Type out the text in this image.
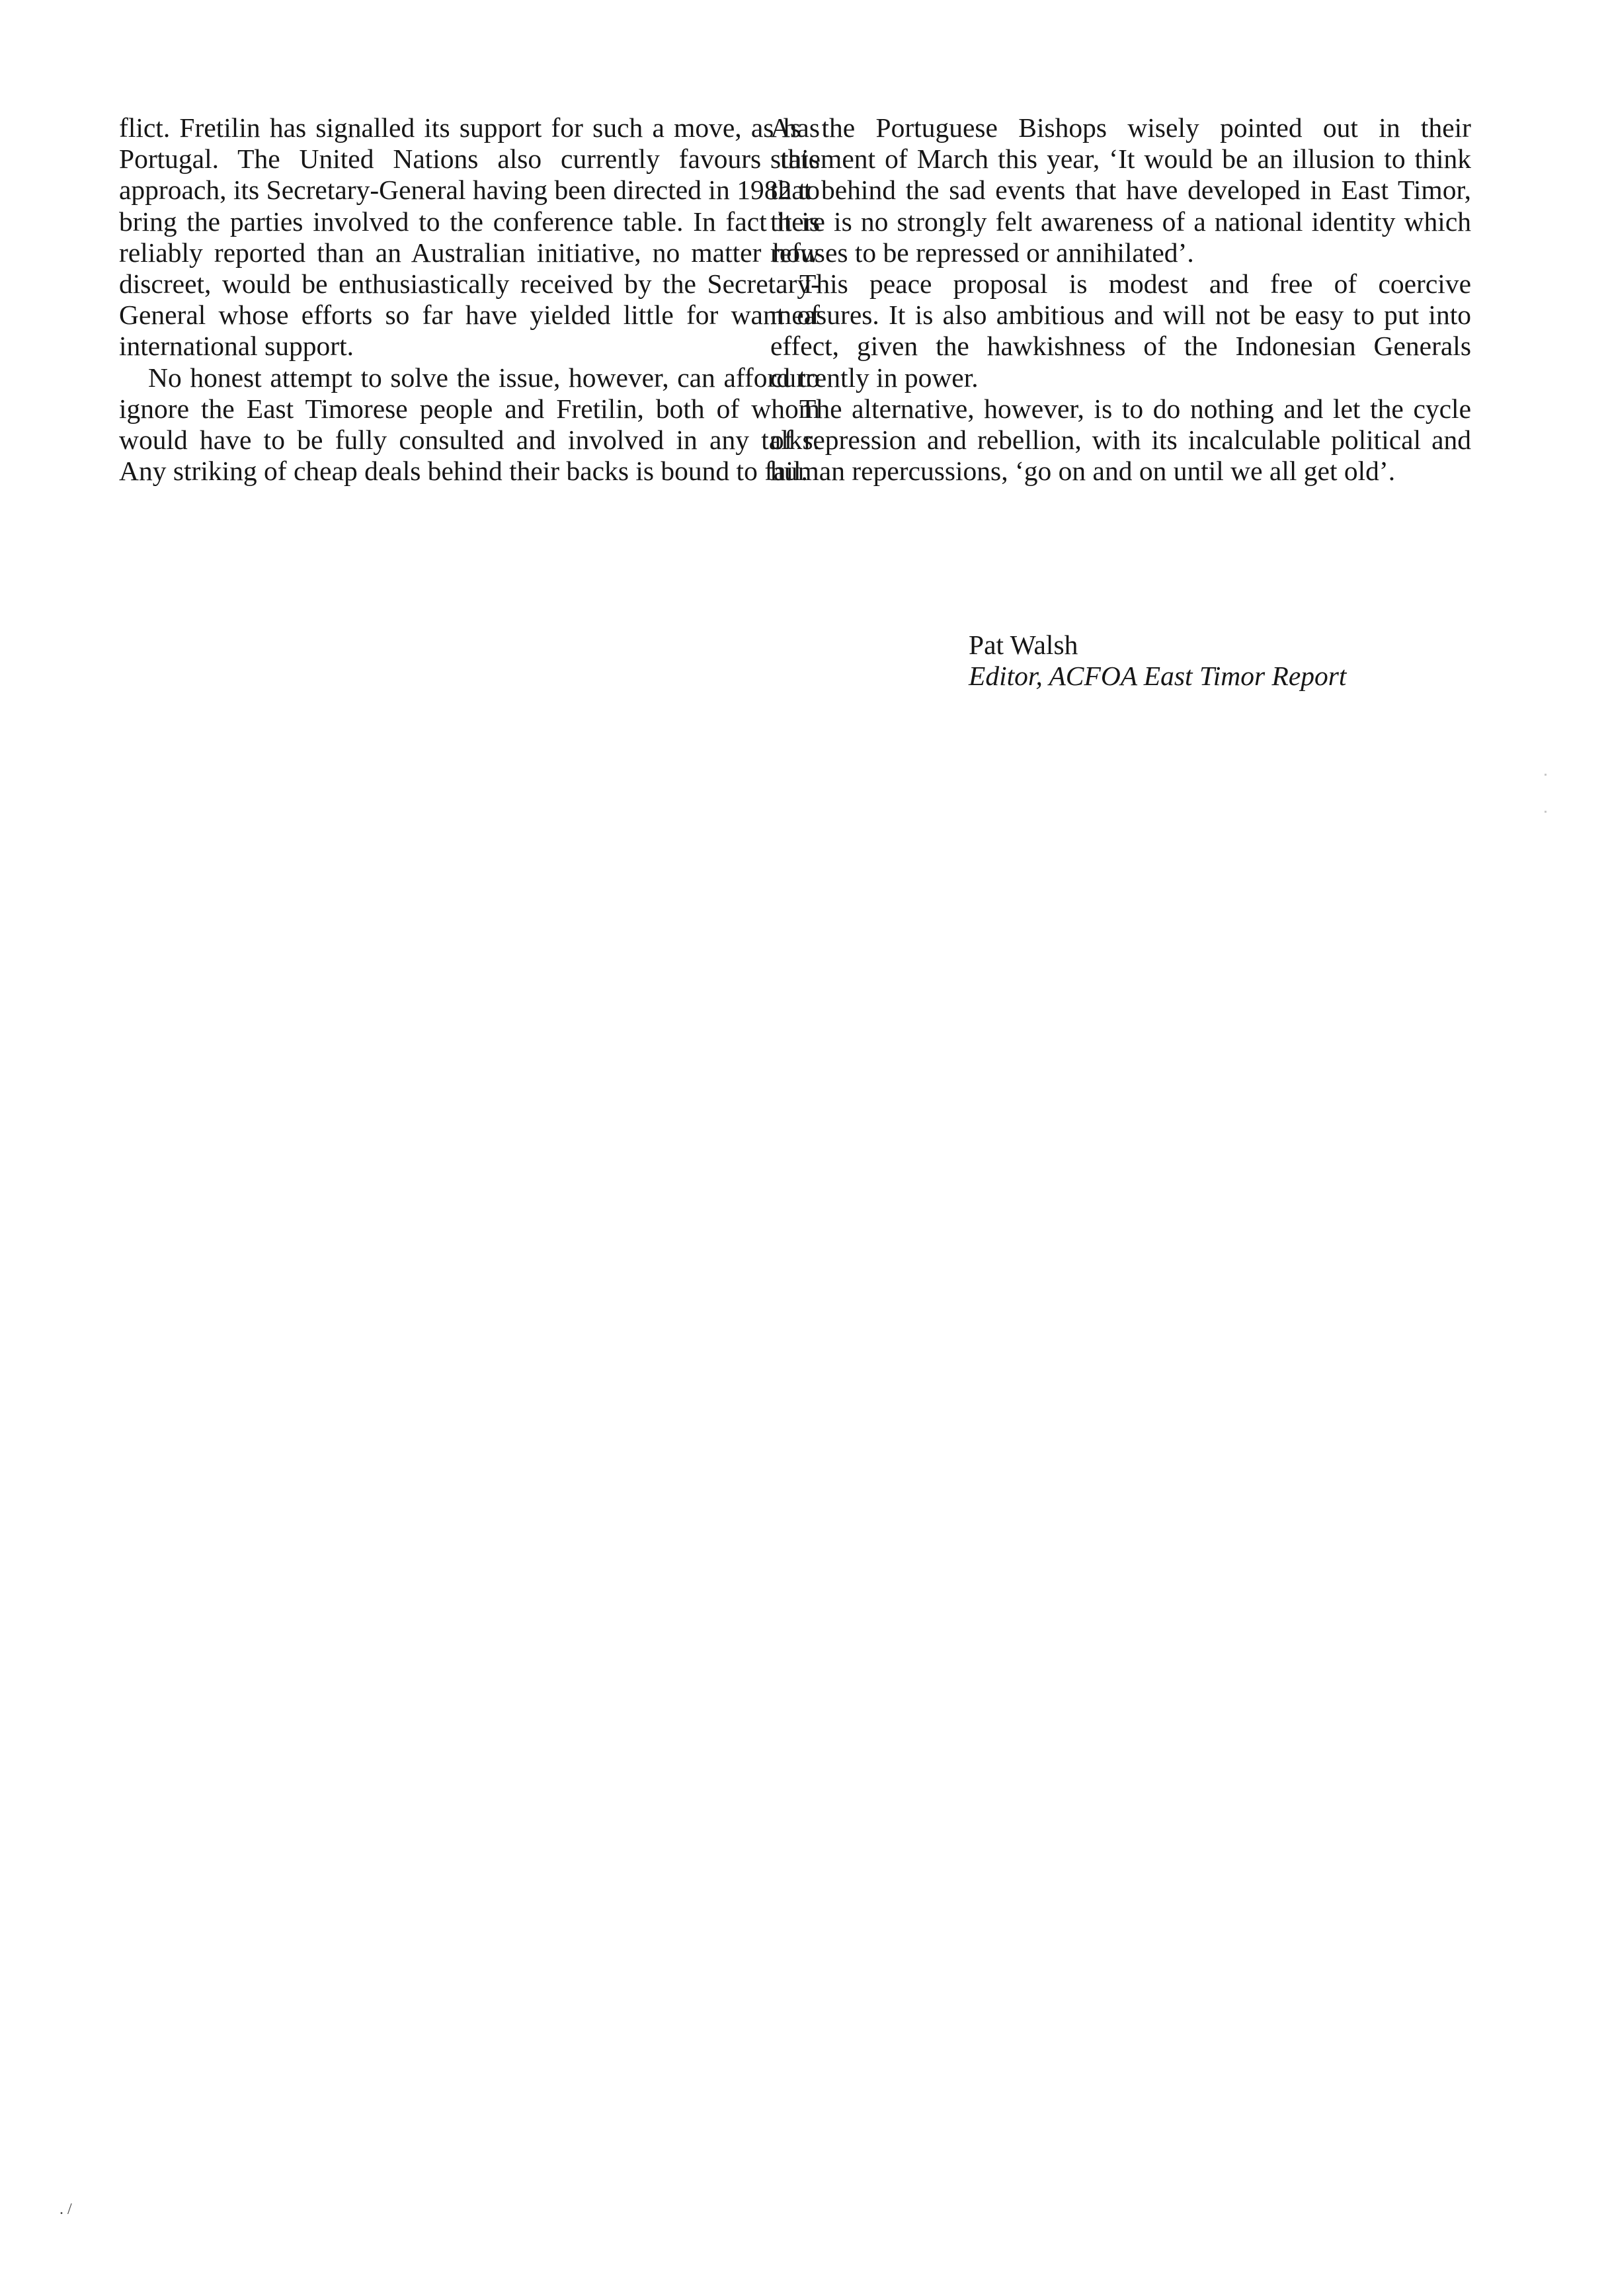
flict. Fretilin has signalled its support for such a move, as has Portugal. The United Nations also currently favours this approach, its Secretary-General having been directed in 1982 to bring the parties involved to the conference table. In fact it is reliably reported than an Australian initiative, no matter how discreet, would be enthusiastically received by the Secretary- General whose efforts so far have yielded little for want of international support.

No honest attempt to solve the issue, however, can afford to ignore the East Timorese people and Fretilin, both of whom would have to be fully consulted and involved in any talks. Any striking of cheap deals behind their backs is bound to fail.

As the Portuguese Bishops wisely pointed out in their statement of March this year, ‘It would be an illusion to think that behind the sad events that have developed in East Timor, there is no strongly felt awareness of a national identity which refuses to be repressed or annihilated’.

This peace proposal is modest and free of coercive measures. It is also ambitious and will not be easy to put into effect, given the hawkishness of the Indonesian Generals currently in power.

The alternative, however, is to do nothing and let the cycle of repression and rebellion, with its incalculable political and human repercussions, ‘go on and on until we all get old’.

Pat Walsh
Editor, ACFOA East Timor Report
. /
